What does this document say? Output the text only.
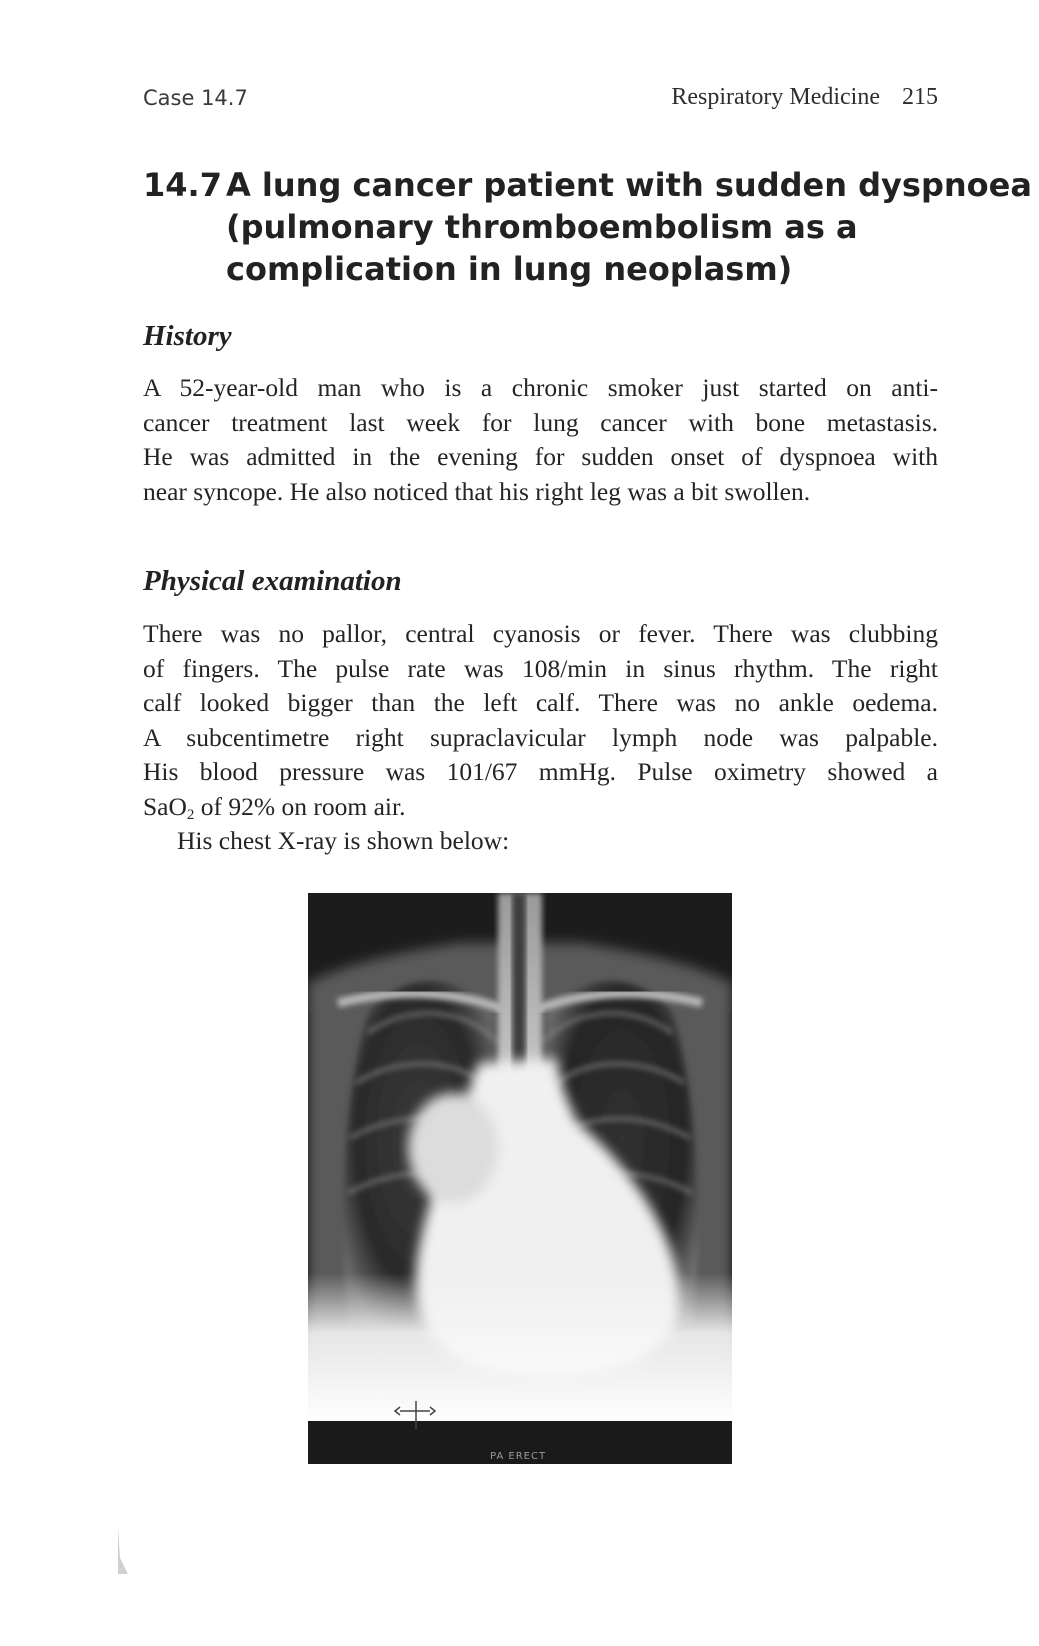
Case 14.7	Respiratory Medicine 215
14.7 A lung cancer patient with sudden dyspnoea
(pulmonary thromboembolism as a
complication in lung neoplasm)
History
A 52-year-old man who is a chronic smoker just started on anti-
cancer treatment last week for lung cancer with bone metastasis.
He was admitted in the evening for sudden onset of dyspnoea with
near syncope. He also noticed that his right leg was a bit swollen.
Physical examination
There was no pallor, central cyanosis or fever. There was clubbing
of fingers. The pulse rate was 108/min in sinus rhythm. The right
calf looked bigger than the left calf. There was no ankle oedema.
A subcentimetre right supraclavicular lymph node was palpable.
His blood pressure was 101/67 mmHg. Pulse oximetry showed a
SaO$_2$ of 92% on room air.
His chest X-ray is shown below:
PA ERECT
